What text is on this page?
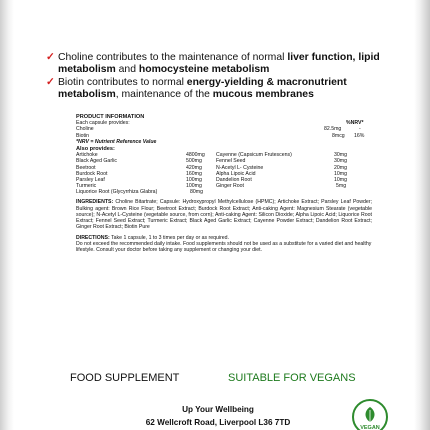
✓ Choline contributes to the maintenance of normal liver function, lipid metabolism and homocysteine metabolism
✓ Biotin contributes to normal energy-yielding & macronutrient metabolism, maintenance of the mucous membranes
PRODUCT INFORMATION
Each capsule provides:	%NRV*
Choline	82.5mg	-
Biotin	8mcg 16%
*NRV = Nutrient Reference Value
Also provides:
Artichoke	4800mg Cayenne (Capsicum Frutescens)	30mg
Black Aged Garlic	500mg	Fennel Seed	30mg
Beetroot	420mg	N-Acetyl L- Cysteine	20mg
Burdock Root	160mg	Alpha Lipoic Acid	10mg
Parsley Leaf	100mg	Dandelion Root	10mg
Turmeric	100mg	Ginger Root	5mg
Liquorice Root (Glycyrrhiza Glabra)	80mg
INGREDIENTS: Choline Bitartrate; Capsule: Hydroxypropyl Methylcellulose (HPMC); Artichoke Extract; Parsley Leaf Powder; Bulking agent: Brown Rice Flour; Beetroot Extract; Burdock Root Extract; Anti-caking Agent: Magnesium Stearate (vegetable source); N-Acetyl L-Cysteine (vegetable source, from corn); Anti-caking Agent: Silicon Dioxide; Alpha Lipoic Acid; Liquorice Root Extract; Fennel Seed Extract; Turmeric Extract; Black Aged Garlic Extract; Cayenne Powder Extract; Dandelion Root Extract; Ginger Root Extract; Biotin Pure
DIRECTIONS: Take 1 capsule, 1 to 3 times per day or as required.
Do not exceed the recommended daily intake. Food supplements should not be used as a substitute for a varied diet and healthy lifestyle. Consult your doctor before taking any supplement or changing your diet.
FOOD SUPPLEMENT	SUITABLE FOR VEGANS
Up Your Wellbeing
62 Wellcroft Road, Liverpool L36 7TD
VEGAN
